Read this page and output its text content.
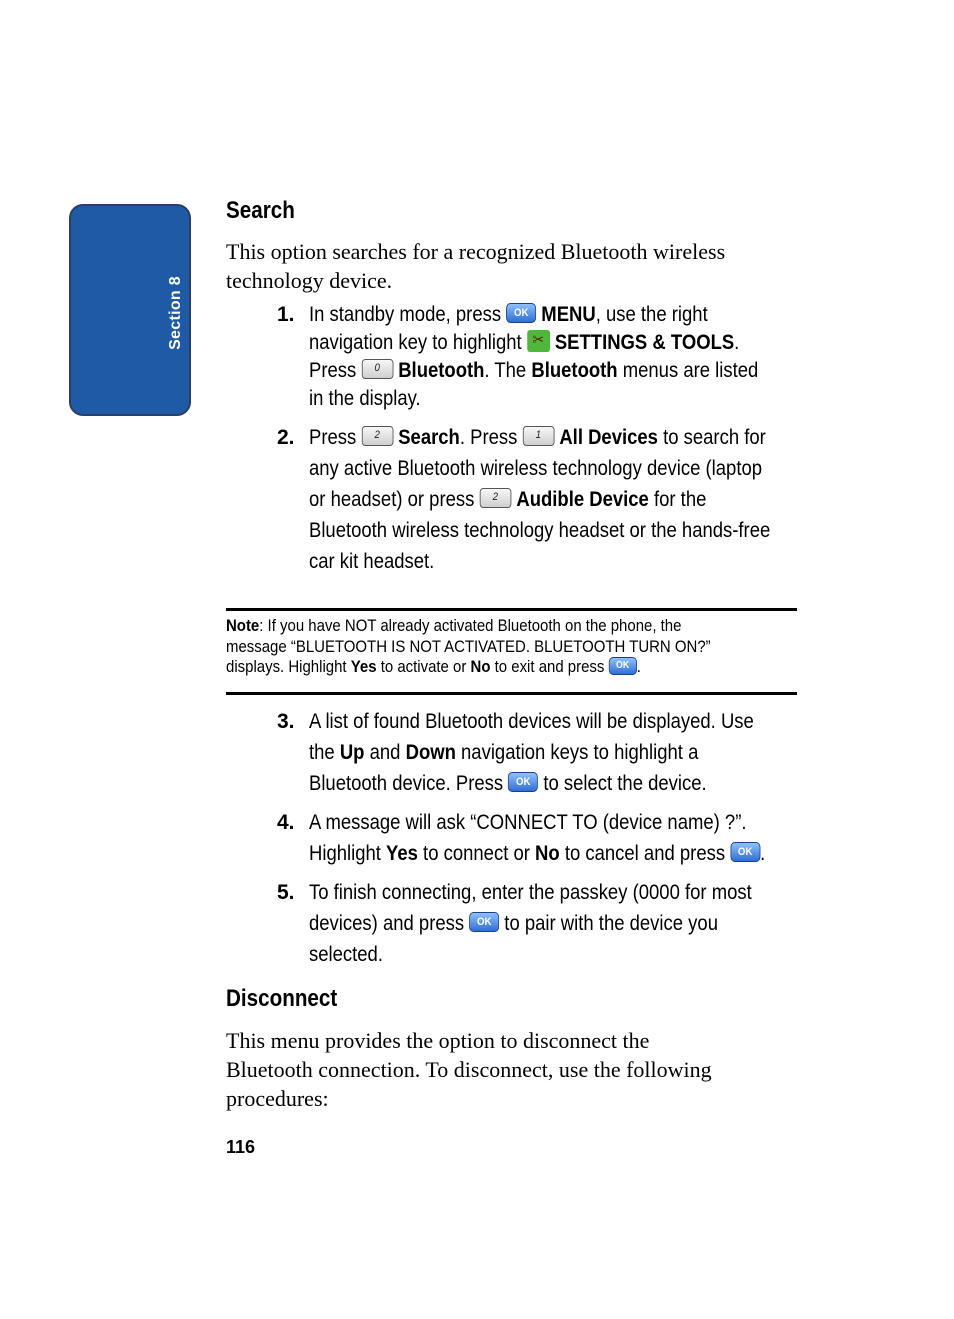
Section 8
Search
This option searches for a recognized Bluetooth wireless
technology device.
1. In standby mode, press OK MENU, use the right
navigation key to highlight ✂ SETTINGS & TOOLS.
Press 0 Bluetooth. The Bluetooth menus are listed
in the display.
2. Press 2 Search. Press 1 All Devices to search for
any active Bluetooth wireless technology device (laptop
or headset) or press 2 Audible Device for the
Bluetooth wireless technology headset or the hands-free
car kit headset.
Note: If you have NOT already activated Bluetooth on the phone, the
message “BLUETOOTH IS NOT ACTIVATED. BLUETOOTH TURN ON?”
displays. Highlight Yes to activate or No to exit and press OK .
3. A list of found Bluetooth devices will be displayed. Use
the Up and Down navigation keys to highlight a
Bluetooth device. Press OK to select the device.
4. A message will ask “CONNECT TO (device name) ?”.
Highlight Yes to connect or No to cancel and press OK .
5. To finish connecting, enter the passkey (0000 for most
devices) and press OK to pair with the device you
selected.
Disconnect
This menu provides the option to disconnect the
Bluetooth connection. To disconnect, use the following
procedures:
116
